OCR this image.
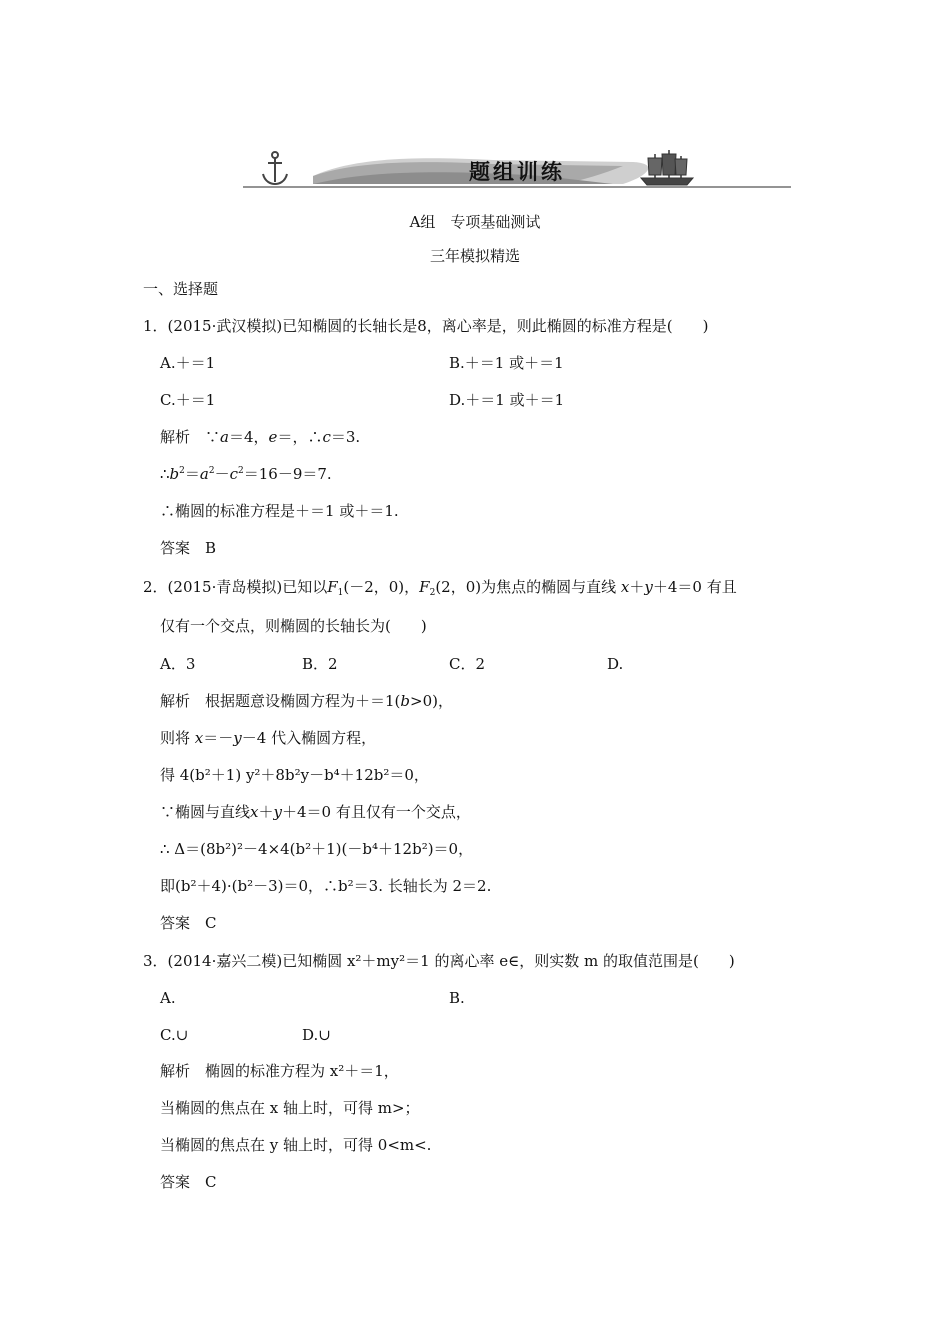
题组训练
A组　专项基础测试
三年模拟精选
一、选择题
1．(2015·武汉模拟)已知椭圆的长轴长是8，离心率是，则此椭圆的标准方程是(　　)
A.＋＝1	B.＋＝1 或＋＝1
C.＋＝1	D.＋＝1 或＋＝1
解析　 ∵a＝4，e＝，∴c＝3.
$\therefore b^2=a^2-c^2=16-9=7$.
∴椭圆的标准方程是＋＝1 或＋＝1.
答案　B
2．(2015·青岛模拟)已知以$F_1(-2$，0)，$F_2(2$，0)为焦点的椭圆与直线 x＋y＋4＝0 有且
仅有一个交点，则椭圆的长轴长为(　　)
A．3	B．2	C．2	D.
解析　根据题意设椭圆方程为＋＝1(b>0)，
则将 x＝－y－4 代入椭圆方程，
得 4(b²＋1) y²＋8b²y－b⁴＋12b²＝0，
∵椭圆与直线x＋y＋4＝0 有且仅有一个交点，
∴ Δ＝(8b²)²－4×4(b²＋1)(－b⁴＋12b²)＝0，
即(b²＋4)·(b²－3)＝0，∴b²＝3. 长轴长为 2＝2.
答案　C
3．(2014·嘉兴二模)已知椭圆 x²＋my²＝1 的离心率 e∈，则实数 m 的取值范围是(　　)
A.	B.
C.∪	D.∪
解析　椭圆的标准方程为 x²＋＝1，
当椭圆的焦点在 x 轴上时，可得 m>；
当椭圆的焦点在 y 轴上时，可得 0<m<.
答案　C
